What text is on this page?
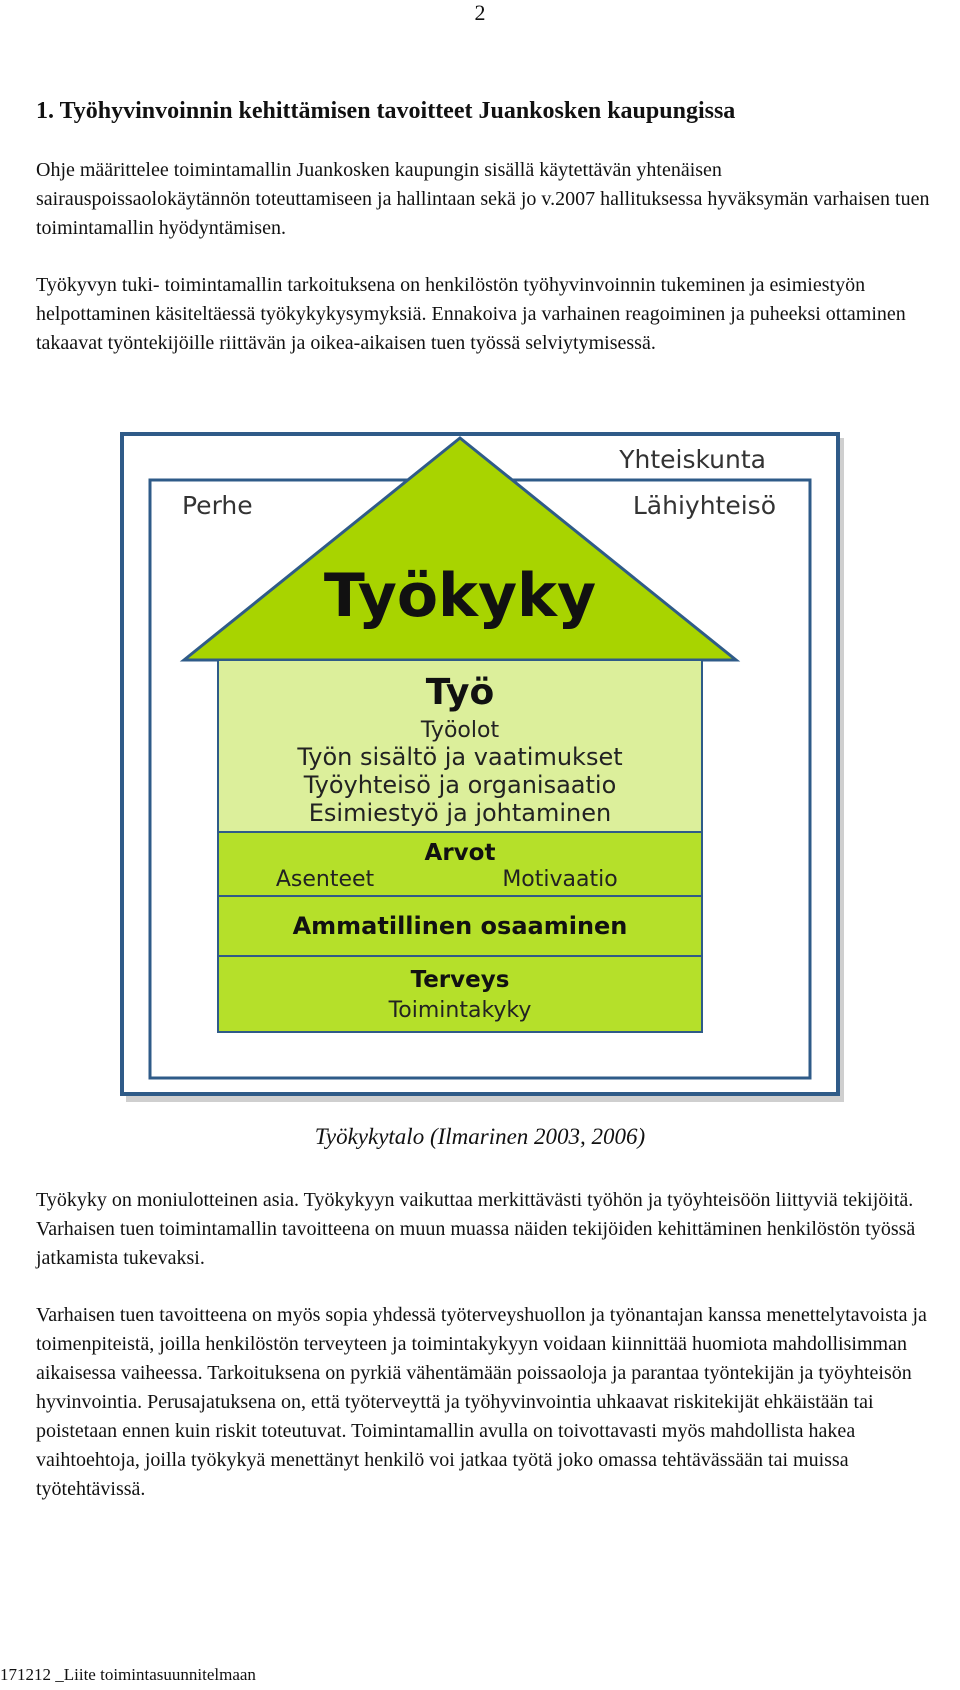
2
1. Työhyvinvoinnin kehittämisen tavoitteet Juankosken kaupungissa

Ohje määrittelee toimintamallin Juankosken kaupungin sisällä käytettävän yhtenäisen sairauspoissaolokäytännön toteuttamiseen ja hallintaan sekä jo v.2007 hallituksessa hyväksymän varhaisen tuen toimintamallin hyödyntämisen.

Työkyvyn tuki- toimintamallin tarkoituksena on henkilöstön työhyvinvoinnin tukeminen ja esimiestyön helpottaminen käsiteltäessä työkykykysymyksiä. Ennakoiva ja varhainen reagoiminen ja puheeksi ottaminen takaavat työntekijöille riittävän ja oikea-aikaisen tuen työssä selviytymisessä.

Yhteiskunta
Perhe	Lähiyhteisö
Työkyky
Työ
Työolot
Työn sisältö ja vaatimukset
Työyhteisö ja organisaatio
Esimiestyö ja johtaminen
Arvot
Asenteet	Motivaatio
Ammatillinen osaaminen
Terveys
Toimintakyky
Työkykytalo (Ilmarinen 2003, 2006)

Työkyky on moniulotteinen asia. Työkykyyn vaikuttaa merkittävästi työhön ja työyhteisöön liittyviä tekijöitä. Varhaisen tuen toimintamallin tavoitteena on muun muassa näiden tekijöiden kehittäminen henkilöstön työssä jatkamista tukevaksi.

Varhaisen tuen tavoitteena on myös sopia yhdessä työterveyshuollon ja työnantajan kanssa menettelytavoista ja toimenpiteistä, joilla henkilöstön terveyteen ja toimintakykyyn voidaan kiinnittää huomiota mahdollisimman aikaisessa vaiheessa. Tarkoituksena on pyrkiä vähentämään poissaoloja ja parantaa työntekijän ja työyhteisön hyvinvointia. Perusajatuksena on, että työterveyttä ja työhyvinvointia uhkaavat riskitekijät ehkäistään tai poistetaan ennen kuin riskit toteutuvat. Toimintamallin avulla on toivottavasti myös mahdollista hakea vaihtoehtoja, joilla työkykyä menettänyt henkilö voi jatkaa työtä joko omassa tehtävässään tai muissa työtehtävissä.

171212 _Liite toimintasuunnitelmaan
